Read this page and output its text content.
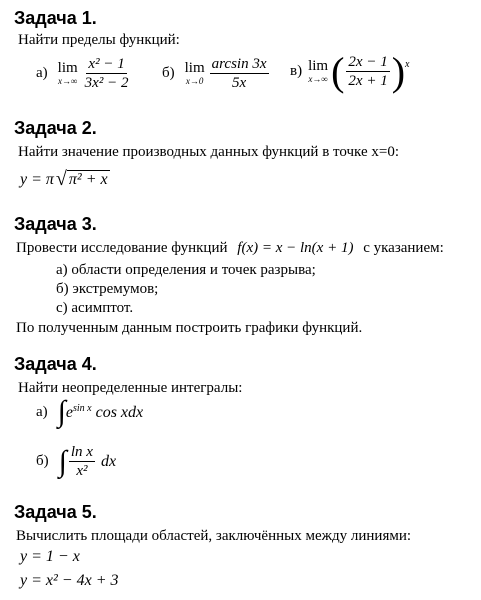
Задача 1.
Найти пределы функций:
а) lim
$x\to\infty \frac{\text{x² − 1}}{\text{3x² − 2}} б$) lim
$x\to 0 \frac{\arcsin 3x}{5x} в$) lim
x→∞ ( $\frac{2x - 1}{2x + 1}$ ) x
Задача 2.
Найти значение производных данных функций в точке x=0:
y = π √ π² + x
Задача 3.
Провести исследование функций f(x) = x − ln(x + 1) с указанием:
а) области определения и точек разрыва;
б) экстремумов;
с) асимптот.
По полученным данным построить графики функций.
Задача 4.
Найти неопределенные интегралы:
а) ∫ $e^{sin x}$ cos xdx
б) ∫ $\frac{\text{ln x}}{\text{x²}}$ dx
Задача 5.
Вычислить площади областей, заключённых между линиями:
y = 1 − x
y = x² − 4x + 3
